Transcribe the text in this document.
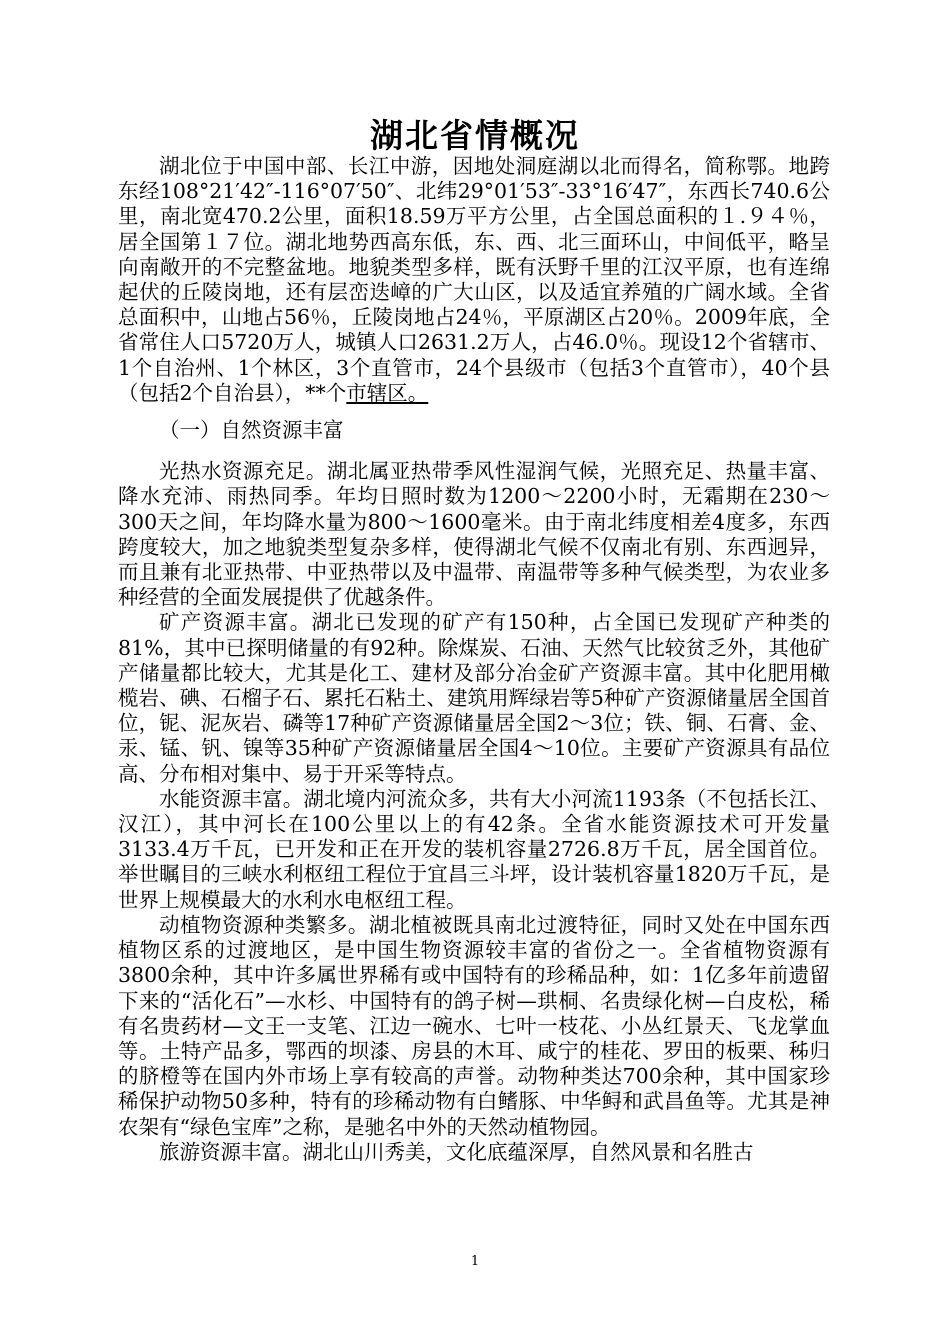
湖北省情概况

湖北位于中国中部、长江中游，因地处洞庭湖以北而得名，简称鄂。地跨东经108°21′42″-116°07′50″、北纬29°01′53″-33°16′47″，东西长740.6公里，南北宽470.2公里，面积18.59万平方公里，占全国总面积的１.９４％，居全国第１７位。湖北地势西高东低，东、西、北三面环山，中间低平，略呈向南敞开的不完整盆地。地貌类型多样，既有沃野千里的江汉平原，也有连绵起伏的丘陵岗地，还有层峦迭嶂的广大山区，以及适宜养殖的广阔水域。全省总面积中，山地占56％，丘陵岗地占24％，平原湖区占20％。2009年底，全省常住人口5720万人，城镇人口2631.2万人，占46.0％。现设12个省辖市、1个自治州、1个林区，3个直管市，24个县级市（包括3个直管市），40个县（包括2个自治县），**个市辖区。

（一）自然资源丰富

光热水资源充足。湖北属亚热带季风性湿润气候，光照充足、热量丰富、降水充沛、雨热同季。年均日照时数为1200～2200小时，无霜期在230～300天之间，年均降水量为800～1600毫米。由于南北纬度相差4度多，东西跨度较大，加之地貌类型复杂多样，使得湖北气候不仅南北有别、东西迥异，而且兼有北亚热带、中亚热带以及中温带、南温带等多种气候类型，为农业多种经营的全面发展提供了优越条件。

矿产资源丰富。湖北已发现的矿产有150种，占全国已发现矿产种类的81%，其中已探明储量的有92种。除煤炭、石油、天然气比较贫乏外，其他矿产储量都比较大，尤其是化工、建材及部分冶金矿产资源丰富。其中化肥用橄榄岩、碘、石榴子石、累托石粘土、建筑用辉绿岩等5种矿产资源储量居全国首位，铌、泥灰岩、磷等17种矿产资源储量居全国2～3位；铁、铜、石膏、金、汞、锰、钒、镍等35种矿产资源储量居全国4～10位。主要矿产资源具有品位高、分布相对集中、易于开采等特点。

水能资源丰富。湖北境内河流众多，共有大小河流1193条（不包括长江、汉江），其中河长在100公里以上的有42条。全省水能资源技术可开发量3133.4万千瓦，已开发和正在开发的装机容量2726.8万千瓦，居全国首位。举世瞩目的三峡水利枢纽工程位于宜昌三斗坪，设计装机容量1820万千瓦，是世界上规模最大的水利水电枢纽工程。

动植物资源种类繁多。湖北植被既具南北过渡特征，同时又处在中国东西植物区系的过渡地区，是中国生物资源较丰富的省份之一。全省植物资源有3800余种，其中许多属世界稀有或中国特有的珍稀品种，如：1亿多年前遗留下来的“活化石”—水杉、中国特有的鸽子树—珙桐、名贵绿化树—白皮松，稀有名贵药材—文王一支笔、江边一碗水、七叶一枝花、小丛红景天、飞龙掌血等。土特产品多，鄂西的坝漆、房县的木耳、咸宁的桂花、罗田的板栗、秭归的脐橙等在国内外市场上享有较高的声誉。动物种类达700余种，其中国家珍稀保护动物50多种，特有的珍稀动物有白鳍豚、中华鲟和武昌鱼等。尤其是神农架有“绿色宝库”之称，是驰名中外的天然动植物园。

旅游资源丰富。湖北山川秀美，文化底蕴深厚，自然风景和名胜古

1
